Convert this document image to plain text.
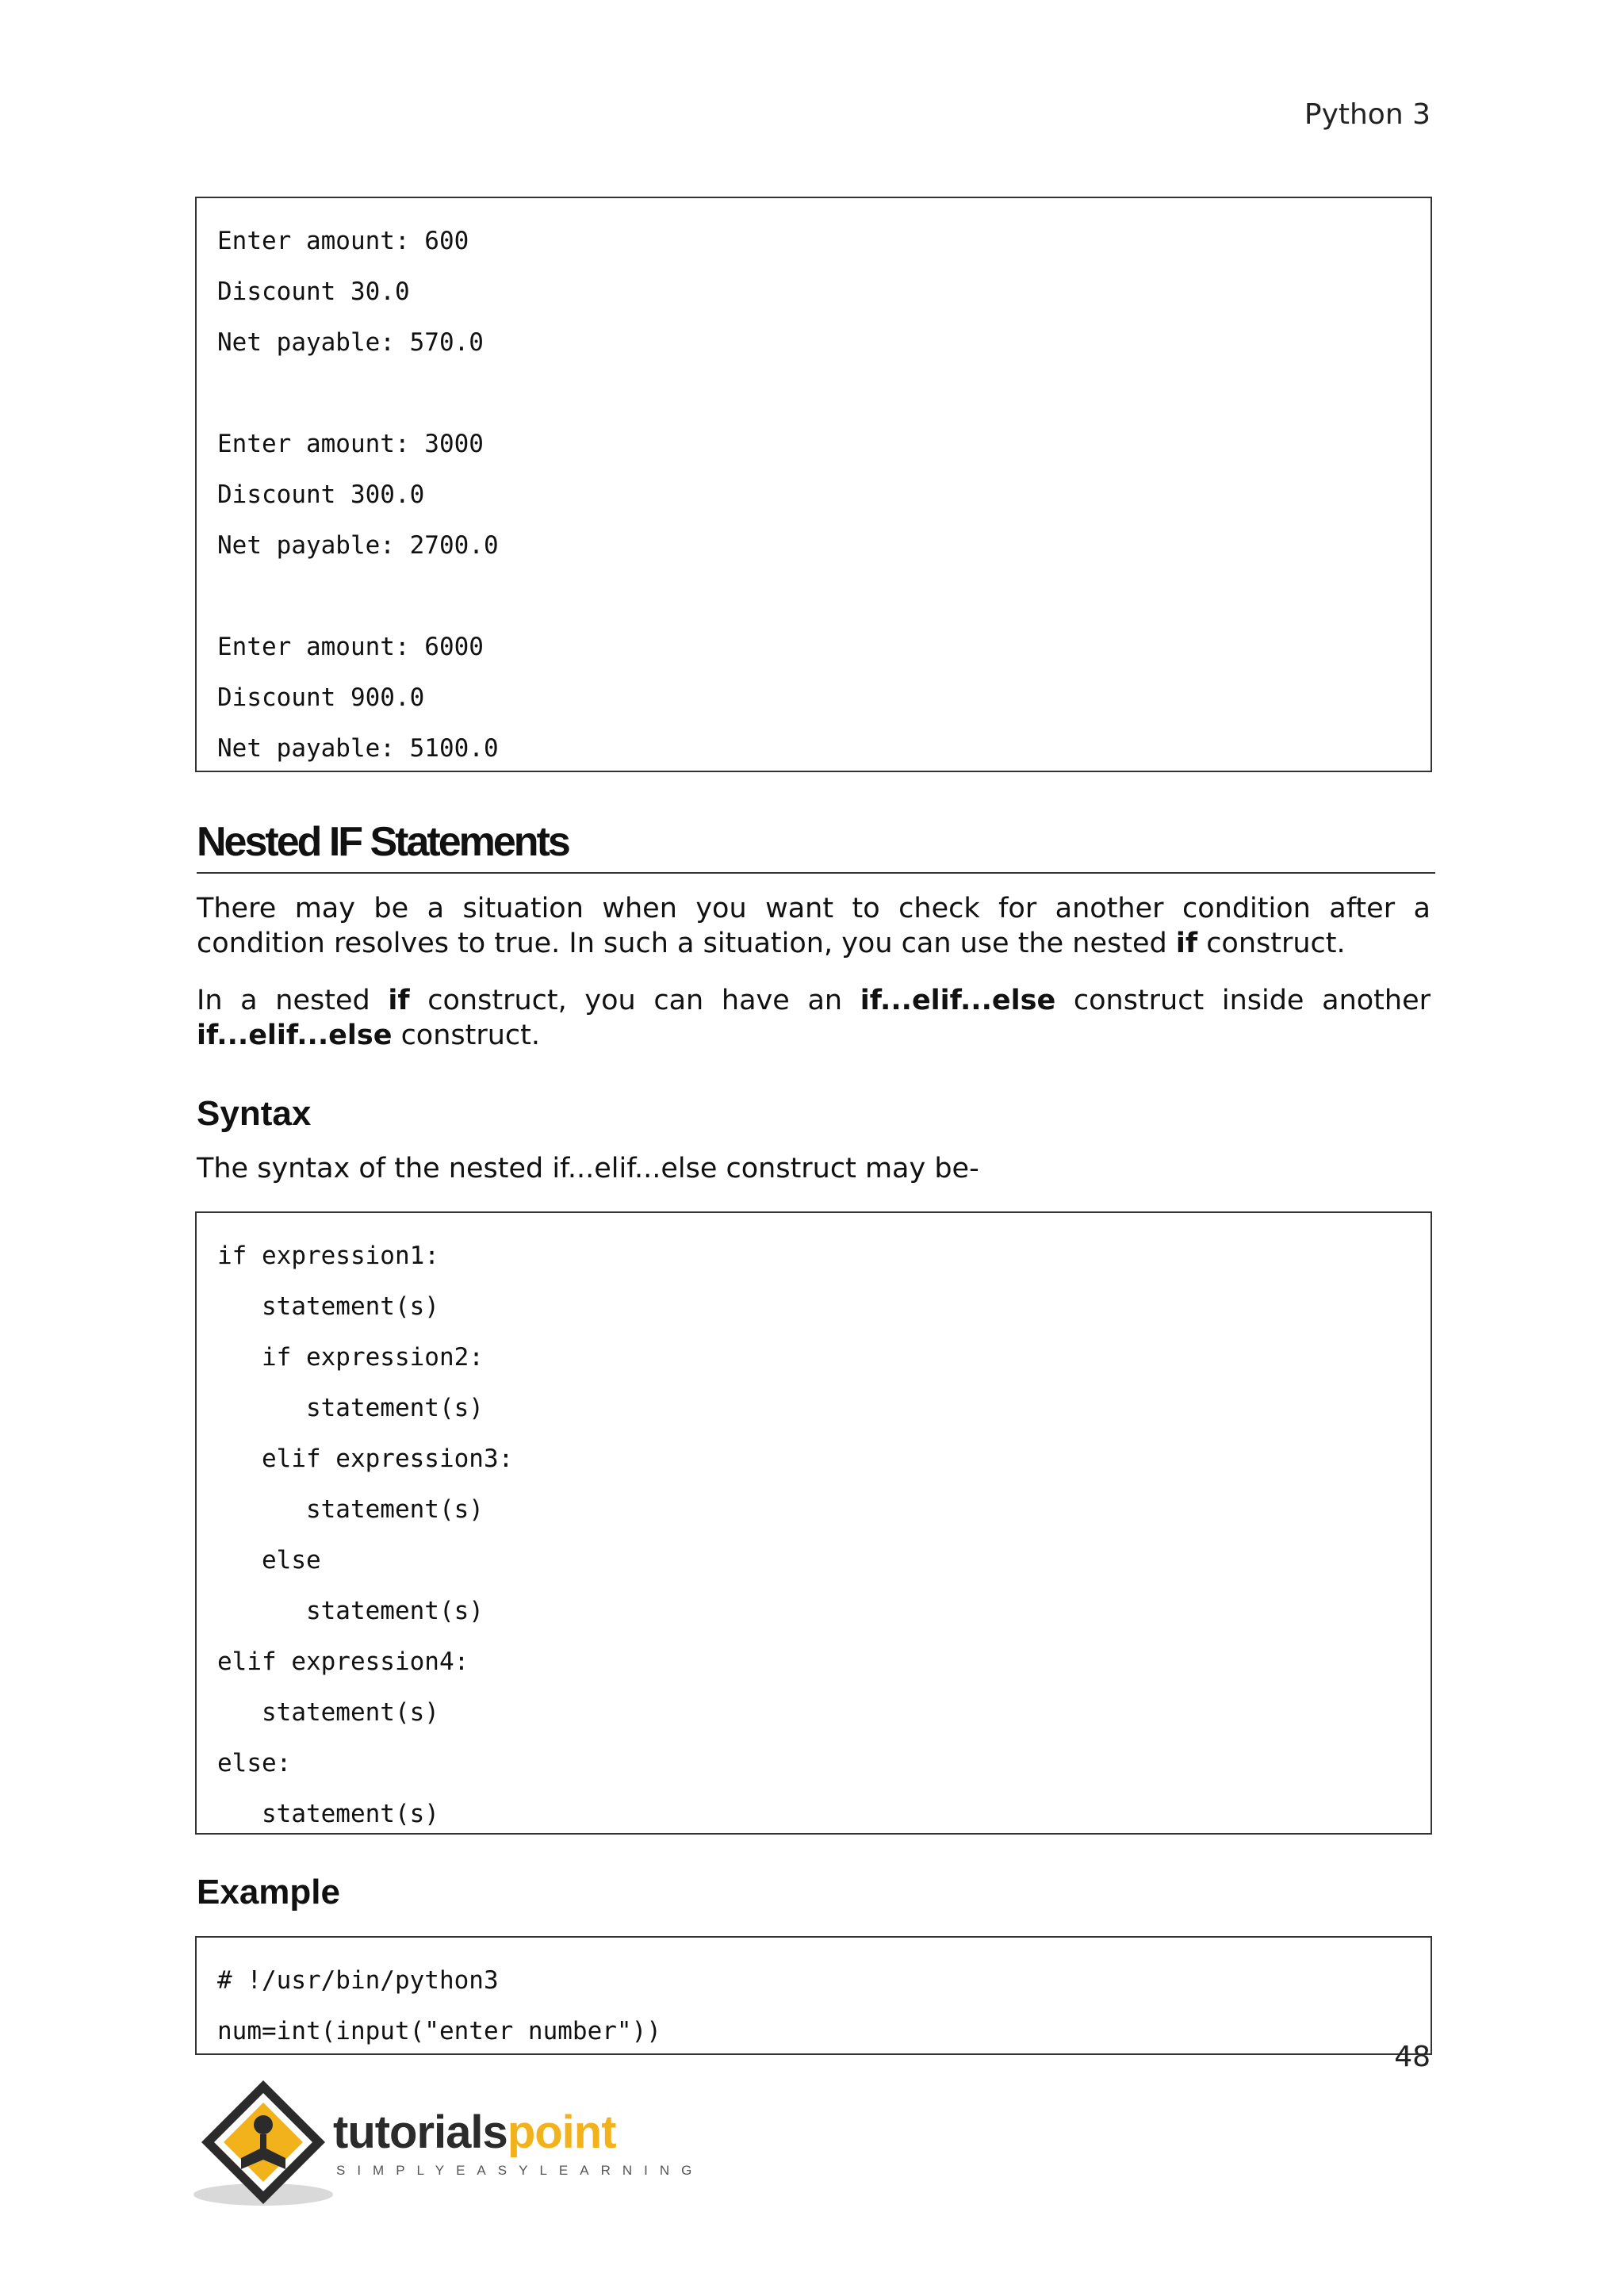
Python 3
Enter amount: 600
Discount 30.0
Net payable: 570.0
Enter amount: 3000
Discount 300.0
Net payable: 2700.0
Enter amount: 6000
Discount 900.0
Net payable: 5100.0
Nested IF Statements
There may be a situation when you want to check for another condition after a condition resolves to true. In such a situation, you can use the nested if construct.
In a nested if construct, you can have an if...elif...else construct inside another if...elif...else construct.
Syntax
The syntax of the nested if...elif...else construct may be-
if expression1:
statement(s)
if expression2:
statement(s)
elif expression3:
statement(s)
else
statement(s)
elif expression4:
statement(s)
else:
statement(s)
Example
# !/usr/bin/python3
num=int(input("enter number"))
48
tutorialspoint
SIMPLYEASYLEARNING
